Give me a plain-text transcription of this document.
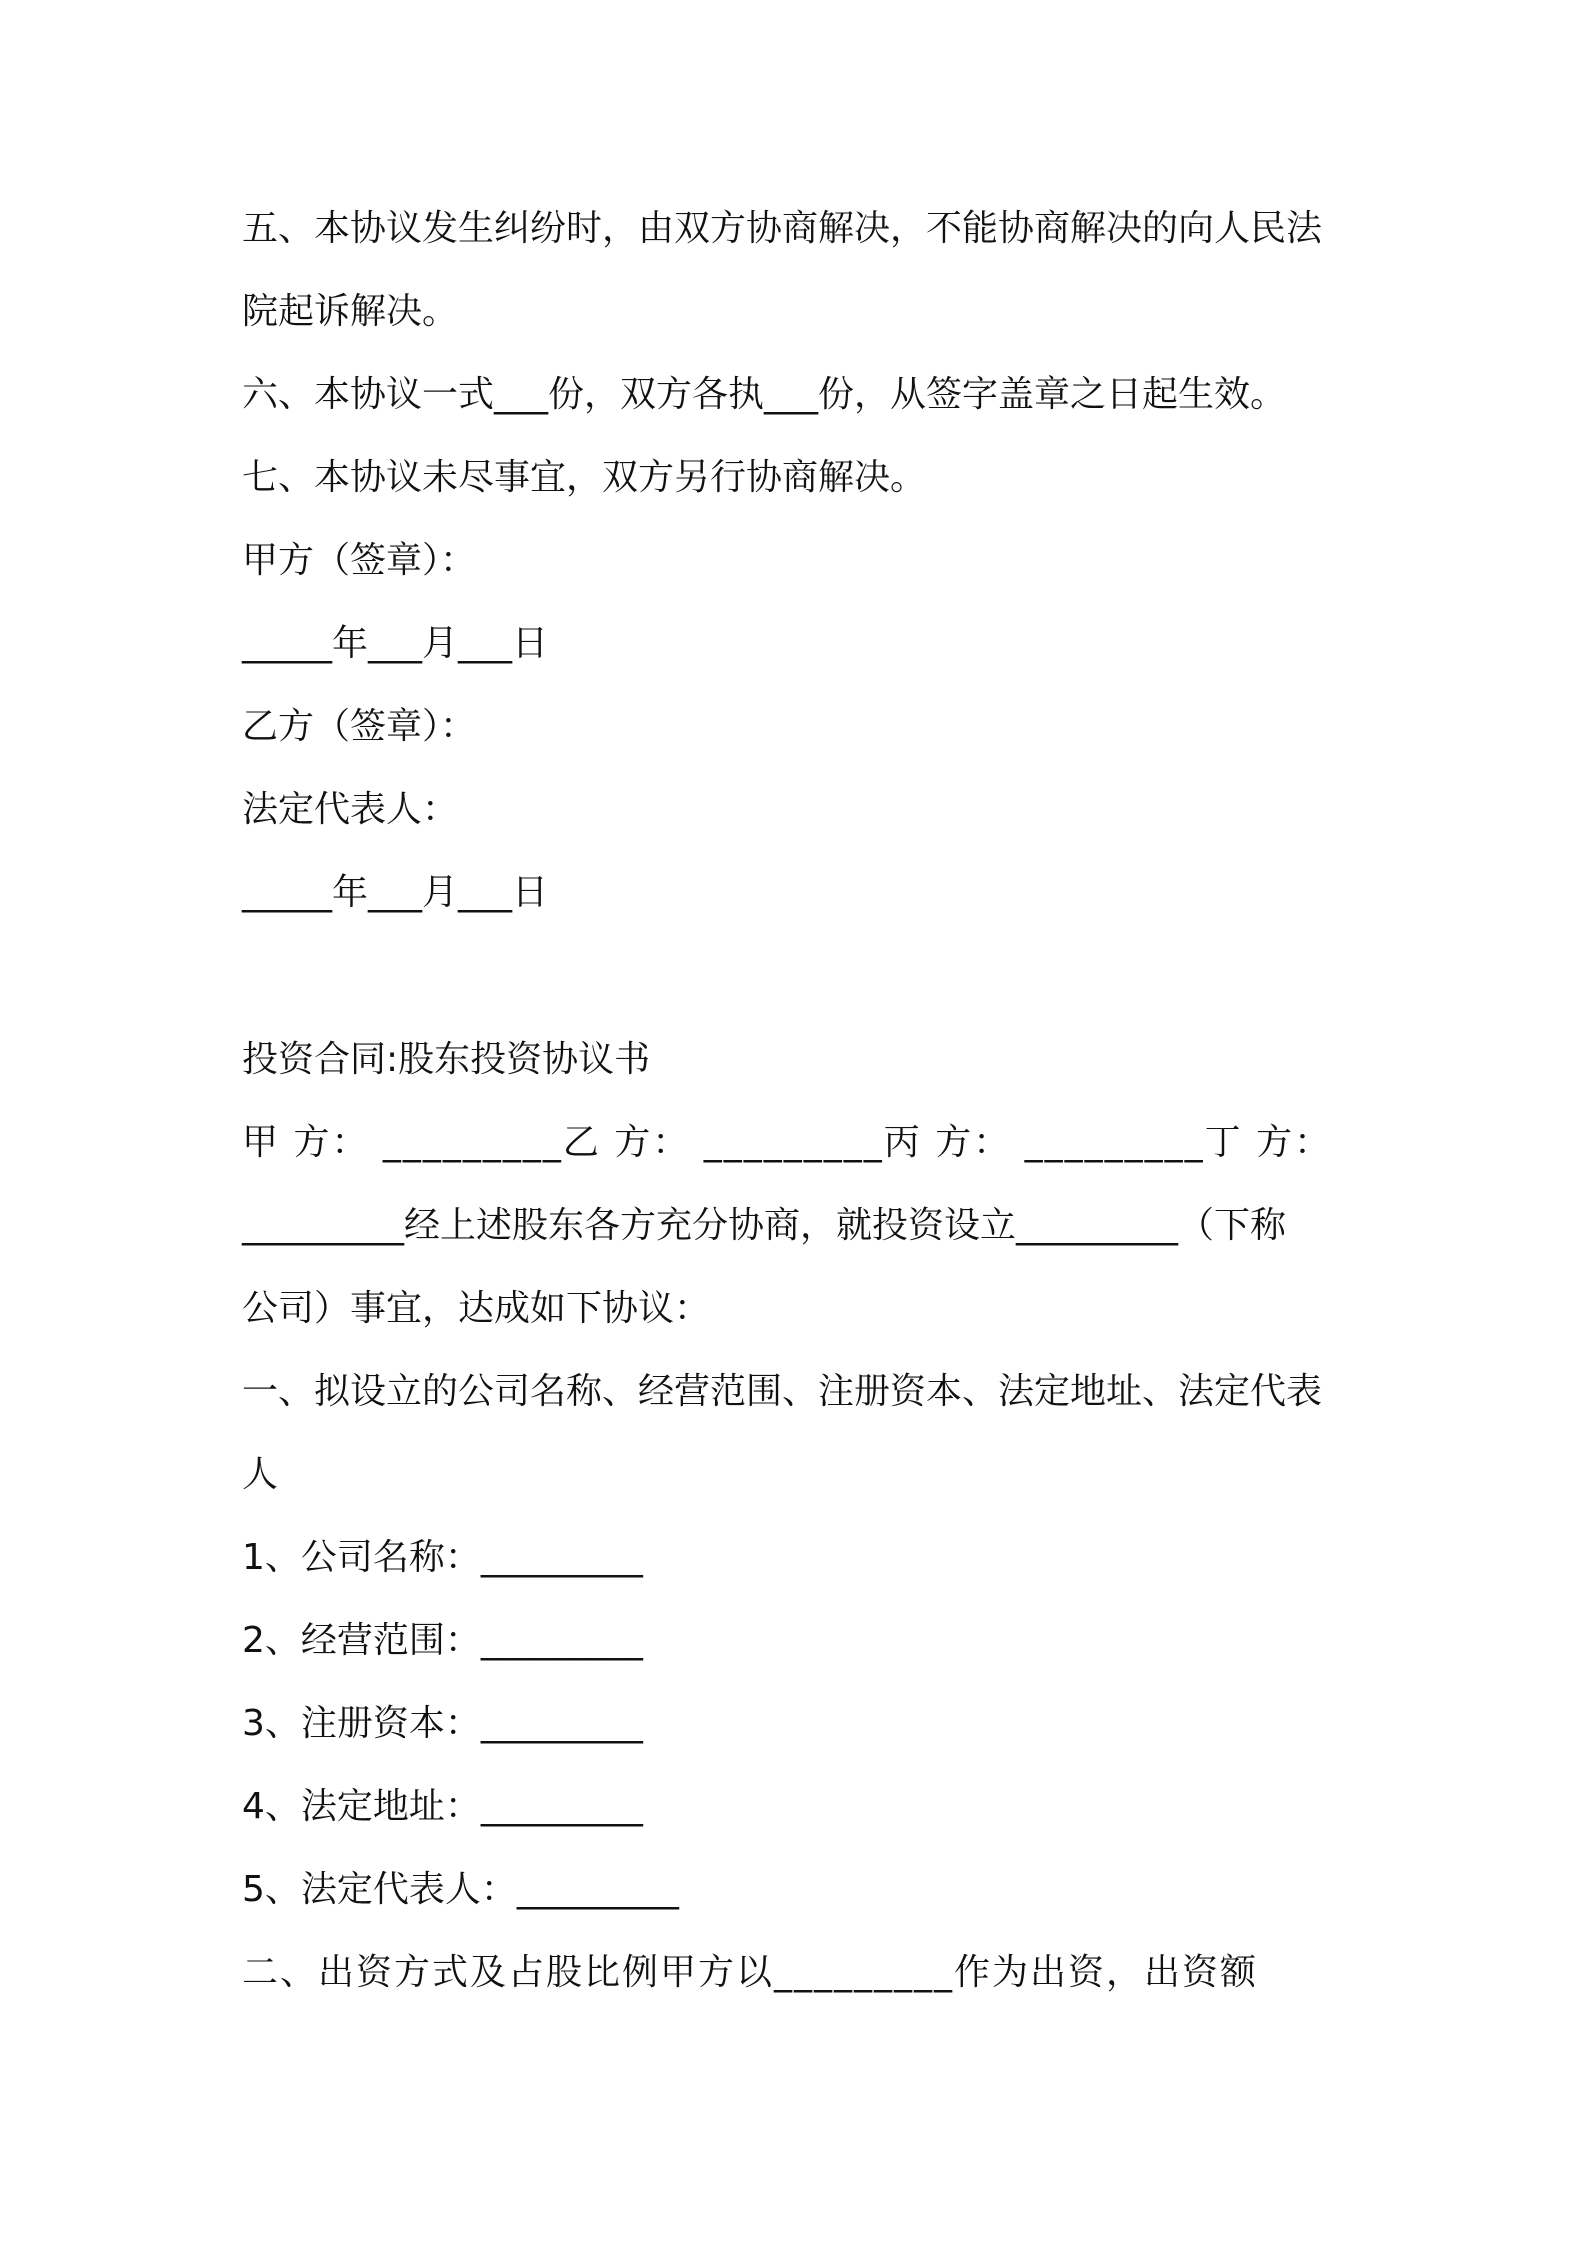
五、本协议发生纠纷时，由双方协商解决，不能协商解决的向人民法
院起诉解决。
六、本协议一式___份，双方各执___份，从签字盖章之日起生效。
七、本协议未尽事宜，双方另行协商解决。
甲方（签章）：
_____年___月___日
乙方（签章）：
法定代表人：
_____年___月___日
投资合同:股东投资协议书
甲 方： _________乙 方： _________丙 方： _________丁 方：
_________经上述股东各方充分协商，就投资设立_________（下称
公司）事宜，达成如下协议：
一、拟设立的公司名称、经营范围、注册资本、法定地址、法定代表
人
1、公司名称：_________
2、经营范围：_________
3、注册资本：_________
4、法定地址：_________
5、法定代表人：_________
二、出资方式及占股比例甲方以_________作为出资，出资额
